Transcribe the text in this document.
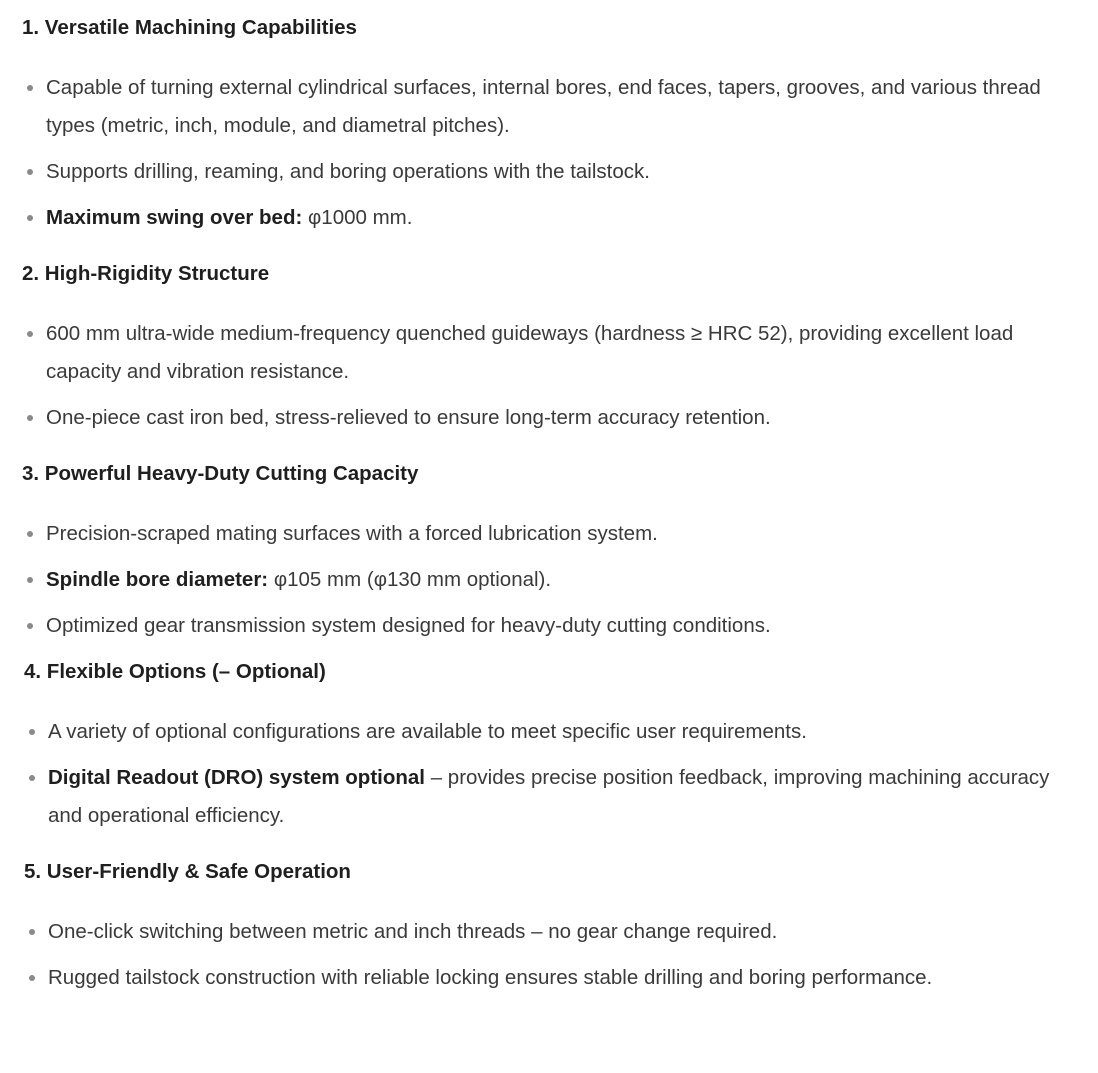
1. Versatile Machining Capabilities
Capable of turning external cylindrical surfaces, internal bores, end faces, tapers, grooves, and various thread types (metric, inch, module, and diametral pitches).
Supports drilling, reaming, and boring operations with the tailstock.
Maximum swing over bed: φ1000 mm.
2. High-Rigidity Structure
600 mm ultra-wide medium-frequency quenched guideways (hardness ≥ HRC 52), providing excellent load capacity and vibration resistance.
One-piece cast iron bed, stress-relieved to ensure long-term accuracy retention.
3. Powerful Heavy-Duty Cutting Capacity
Precision-scraped mating surfaces with a forced lubrication system.
Spindle bore diameter: φ105 mm (φ130 mm optional).
Optimized gear transmission system designed for heavy-duty cutting conditions.
4. Flexible Options (– Optional)
A variety of optional configurations are available to meet specific user requirements.
Digital Readout (DRO) system optional – provides precise position feedback, improving machining accuracy and operational efficiency.
5. User-Friendly & Safe Operation
One-click switching between metric and inch threads – no gear change required.
Rugged tailstock construction with reliable locking ensures stable drilling and boring performance.
